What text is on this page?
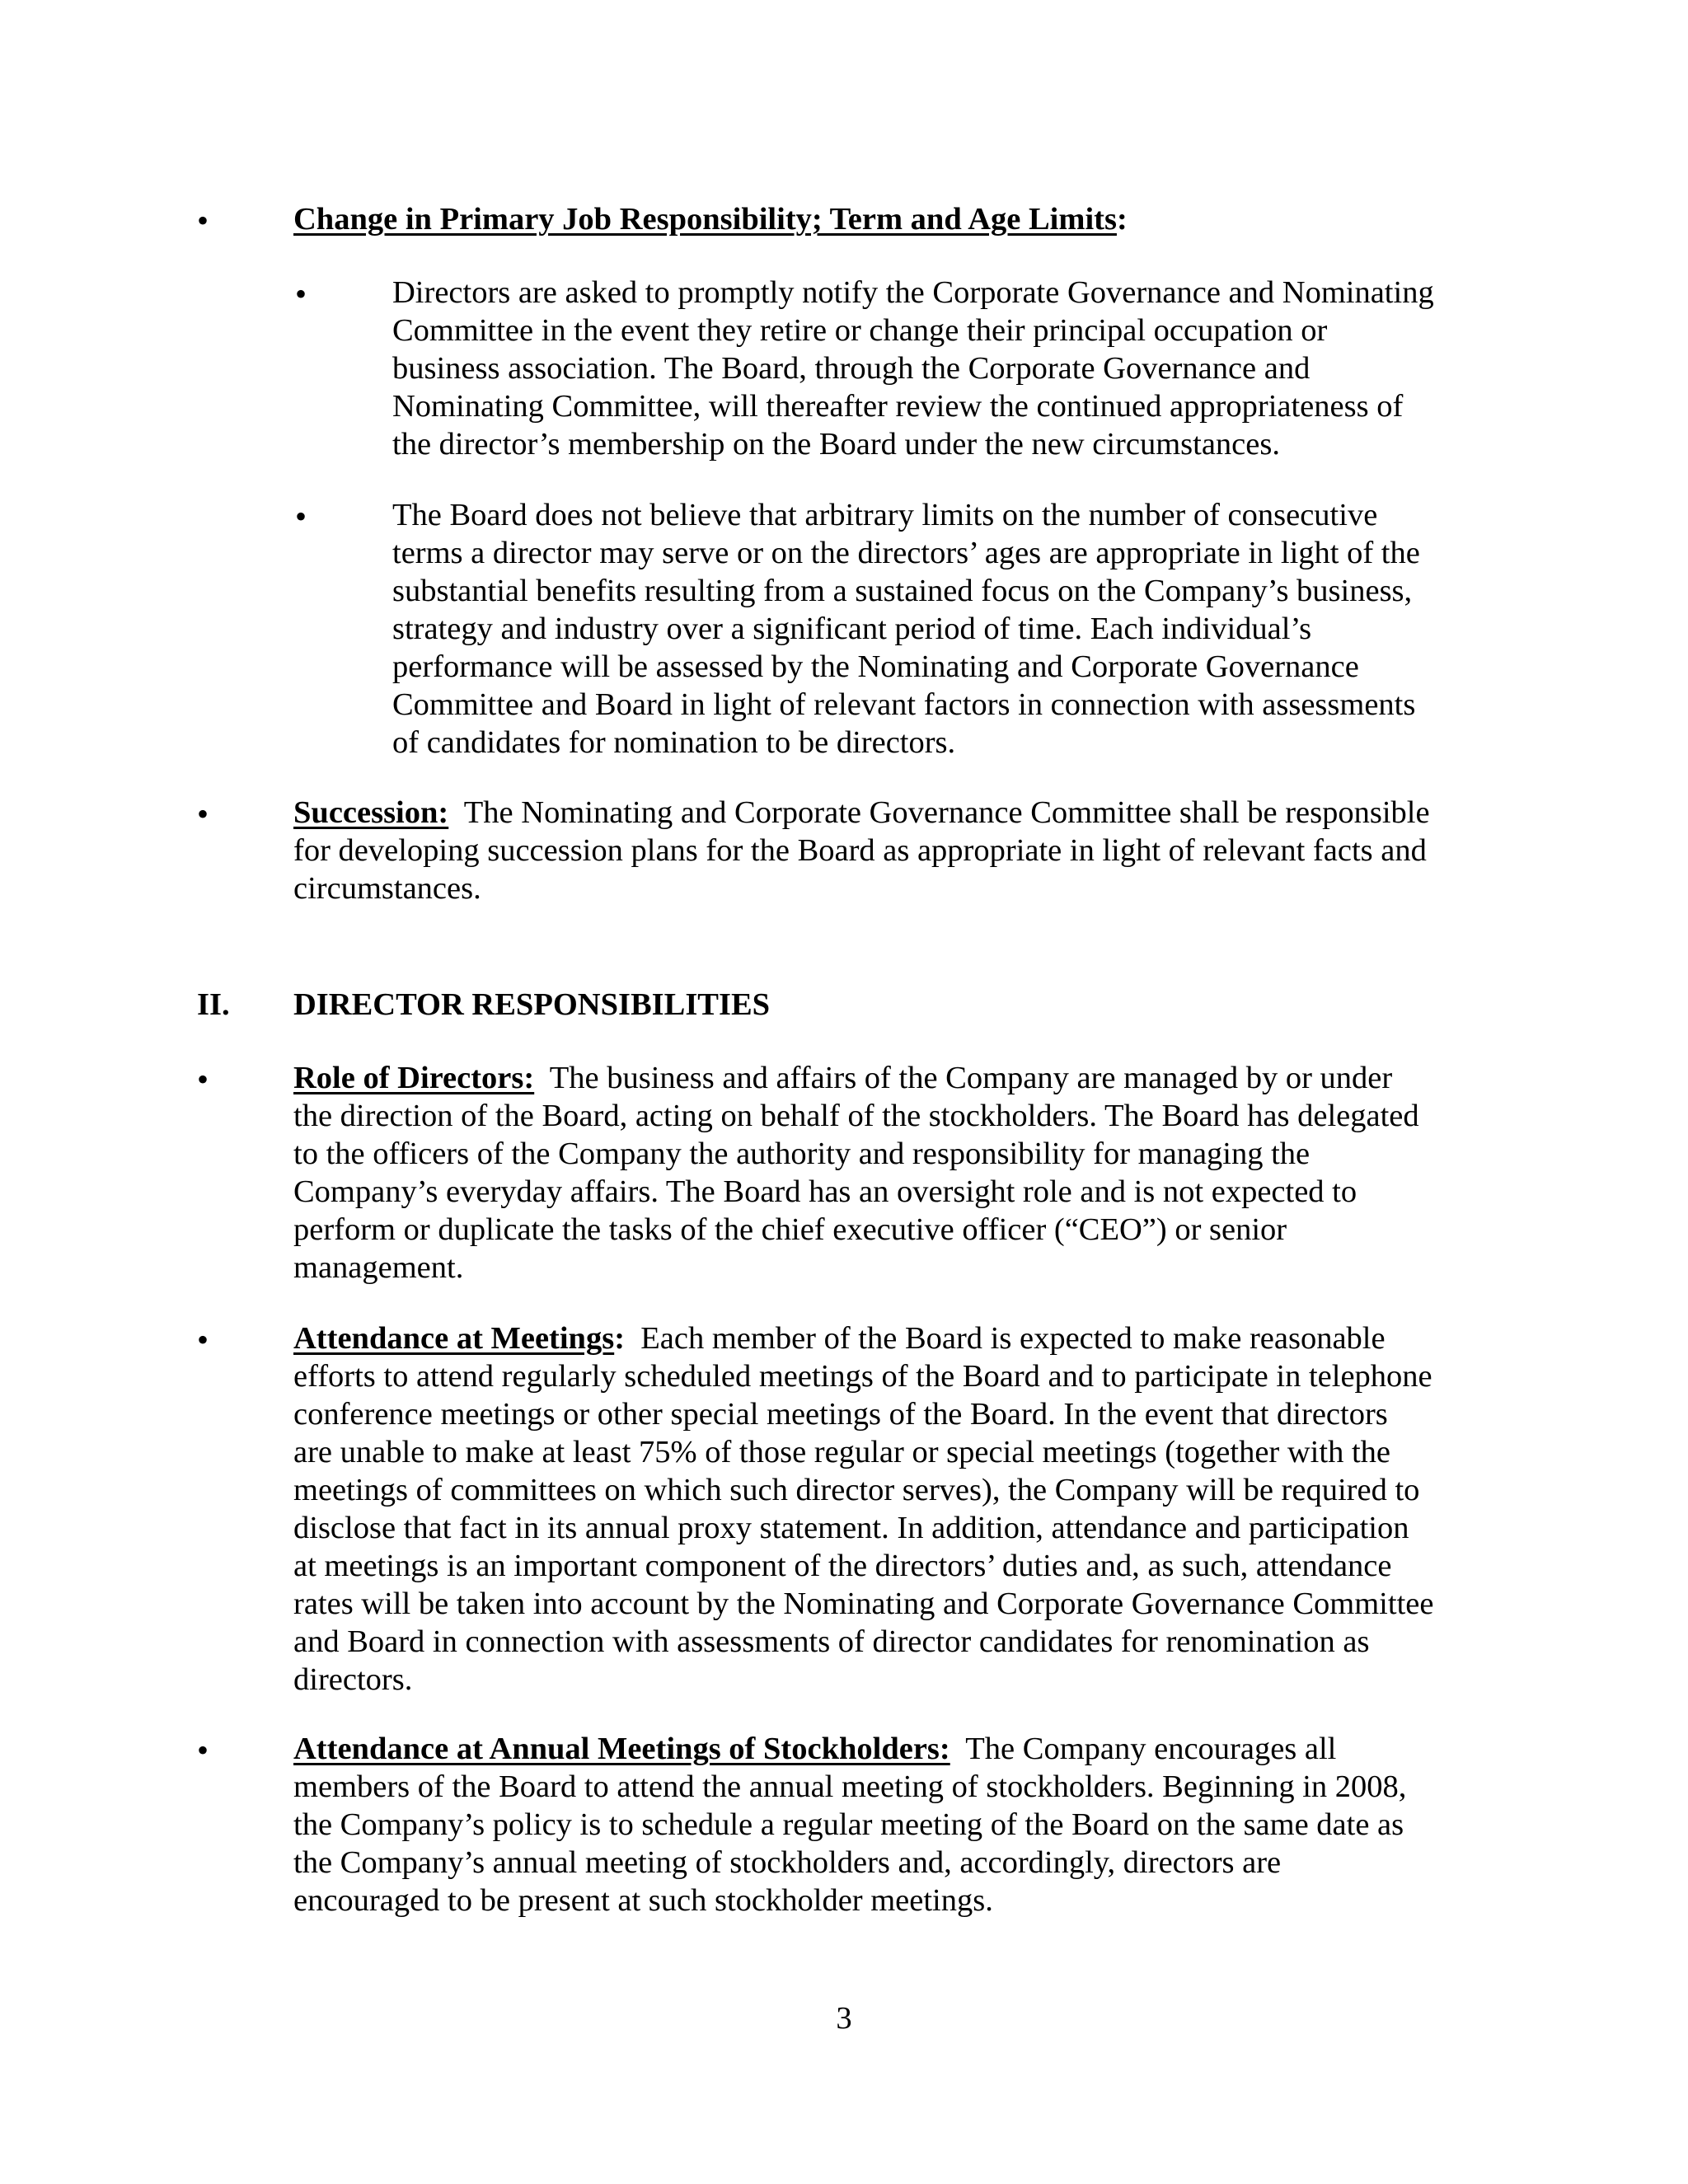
•	Change in Primary Job Responsibility; Term and Age Limits:
•	Directors are asked to promptly notify the Corporate Governance and Nominating
Committee in the event they retire or change their principal occupation or
business association. The Board, through the Corporate Governance and
Nominating Committee, will thereafter review the continued appropriateness of
the director’s membership on the Board under the new circumstances.
•	The Board does not believe that arbitrary limits on the number of consecutive
terms a director may serve or on the directors’ ages are appropriate in light of the
substantial benefits resulting from a sustained focus on the Company’s business,
strategy and industry over a significant period of time. Each individual’s
performance will be assessed by the Nominating and Corporate Governance
Committee and Board in light of relevant factors in connection with assessments
of candidates for nomination to be directors.
•	Succession:  The Nominating and Corporate Governance Committee shall be responsible
for developing succession plans for the Board as appropriate in light of relevant facts and
circumstances.
II. DIRECTOR RESPONSIBILITIES
•	Role of Directors:  The business and affairs of the Company are managed by or under
the direction of the Board, acting on behalf of the stockholders. The Board has delegated
to the officers of the Company the authority and responsibility for managing the
Company’s everyday affairs. The Board has an oversight role and is not expected to
perform or duplicate the tasks of the chief executive officer (“CEO”) or senior
management.
•	Attendance at Meetings:  Each member of the Board is expected to make reasonable
efforts to attend regularly scheduled meetings of the Board and to participate in telephone
conference meetings or other special meetings of the Board. In the event that directors
are unable to make at least 75% of those regular or special meetings (together with the
meetings of committees on which such director serves), the Company will be required to
disclose that fact in its annual proxy statement. In addition, attendance and participation
at meetings is an important component of the directors’ duties and, as such, attendance
rates will be taken into account by the Nominating and Corporate Governance Committee
and Board in connection with assessments of director candidates for renomination as
directors.
•	Attendance at Annual Meetings of Stockholders:  The Company encourages all
members of the Board to attend the annual meeting of stockholders. Beginning in 2008,
the Company’s policy is to schedule a regular meeting of the Board on the same date as
the Company’s annual meeting of stockholders and, accordingly, directors are
encouraged to be present at such stockholder meetings.
3
